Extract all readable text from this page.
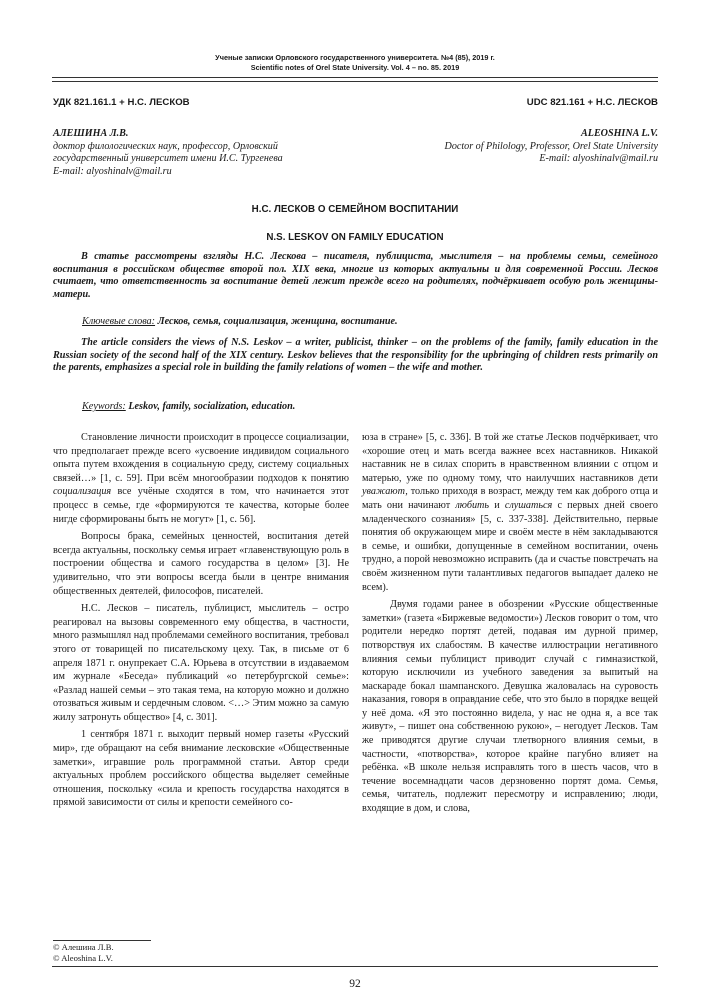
Ученые записки Орловского государственного университета. №4 (85), 2019 г.
Scientific notes of Orel State University. Vol. 4 – no. 85. 2019
УДК 821.161.1 + Н.С. ЛЕСКОВ	UDC 821.161 + Н.С. ЛЕСКОВ
АЛЕШИНА Л.В.
доктор филологических наук, профессор, Орловский
государственный университет имени И.С. Тургенева
E-mail: alyoshinalv@mail.ru
ALEOSHINA L.V.
Doctor of Philology, Professor, Orel State University
E-mail: alyoshinalv@mail.ru
Н.С. ЛЕСКОВ О СЕМЕЙНОМ ВОСПИТАНИИ
N.S. LESKOV ON FAMILY EDUCATION
В статье рассмотрены взгляды Н.С. Лескова – писателя, публициста, мыслителя – на проблемы семьи, семейного воспитания в российском обществе второй пол. XIX века, многие из которых актуальны и для современной России. Лесков считает, что ответственность за воспитание детей лежит прежде всего на родителях, подчёркивает особую роль женщины-матери.
Ключевые слова: Лесков, семья, социализация, женщина, воспитание.
The article considers the views of N.S. Leskov – a writer, publicist, thinker – on the problems of the family, family education in the Russian society of the second half of the XIX century. Leskov believes that the responsibility for the upbringing of children rests primarily on the parents, emphasizes a special role in building the family relations of women – the wife and mother.
Keywords: Leskov, family, socialization, education.

Становление личности происходит в процессе социализации, что предполагает прежде всего «усвоение индивидом социального опыта путем вхождения в социальную среду, систему социальных связей…» [1, с. 59]. При всём многообразии подходов к понятию социализация все учёные сходятся в том, что начинается этот процесс в семье, где «формируются те качества, которые более нигде сформированы быть не могут» [1, с. 56].

Вопросы брака, семейных ценностей, воспитания детей всегда актуальны, поскольку семья играет «главенствующую роль в построении общества и самого государства в целом» [3]. Не удивительно, что эти вопросы всегда были в центре внимания общественных деятелей, философов, писателей.

Н.С. Лесков – писатель, публицист, мыслитель – остро реагировал на вызовы современного ему общества, в частности, много размышлял над проблемами семейного воспитания, требовал этого от товарищей по писательскому цеху. Так, в письме от 6 апреля 1871 г. онупрекает С.А. Юрьева в отсутствии в издаваемом им журнале «Беседа» публикаций «о петербургской семье»: «Разлад нашей семьи – это такая тема, на которую можно и должно отозваться живым и сердечным словом. <…> Этим можно за самую жилу затронуть общество» [4, с. 301].

1 сентября 1871 г. выходит первый номер газеты «Русский мир», где обращают на себя внимание лесковские «Общественные заметки», игравшие роль программной статьи. Автор среди актуальных проблем российского общества выделяет семейные отношения, поскольку «сила и крепость государства находятся в прямой зависимости от силы и крепости семейного со-

юза в стране» [5, с. 336]. В той же статье Лесков подчёркивает, что «хорошие отец и мать всегда важнее всех наставников. Никакой наставник не в силах спорить в нравственном влиянии с отцом и матерью, уже по одному тому, что наилучших наставников дети уважают, только приходя в возраст, между тем как доброго отца и мать они начинают любить и слушаться с первых дней своего младенческого сознания» [5, с. 337-338]. Действительно, первые понятия об окружающем мире и своём месте в нём закладываются в семье, и ошибки, допущенные в семейном воспитании, очень трудно, а порой невозможно исправить (да и счастье повстречать на своём жизненном пути талантливых педагогов выпадает далеко не всем).

Двумя годами ранее в обозрении «Русские общественные заметки» (газета «Биржевые ведомости») Лесков говорит о том, что родители нередко портят детей, подавая им дурной пример, потворствуя их слабостям. В качестве иллюстрации негативного влияния семьи публицист приводит случай с гимназисткой, которую исключили из учебного заведения за выпитый на маскараде бокал шампанского. Девушка жаловалась на суровость наказания, говоря в оправдание себе, что это было в порядке вещей у неё дома. «Я это постоянно видела, у нас не одна я, а все так живут», – пишет она собственною рукою», – негодует Лесков. Там же приводятся другие случаи тлетворного влияния семьи, в частности, «потворства», которое крайне пагубно влияет на ребёнка. «В школе нельзя исправлять того в шесть часов, что в течение восемнадцати часов дерзновенно портят дома. Семья, семья, читатель, подлежит пересмотру и исправлению; люди, входящие в дом, и слова,

© Алешина Л.В.
© Aleoshina L.V.
92
